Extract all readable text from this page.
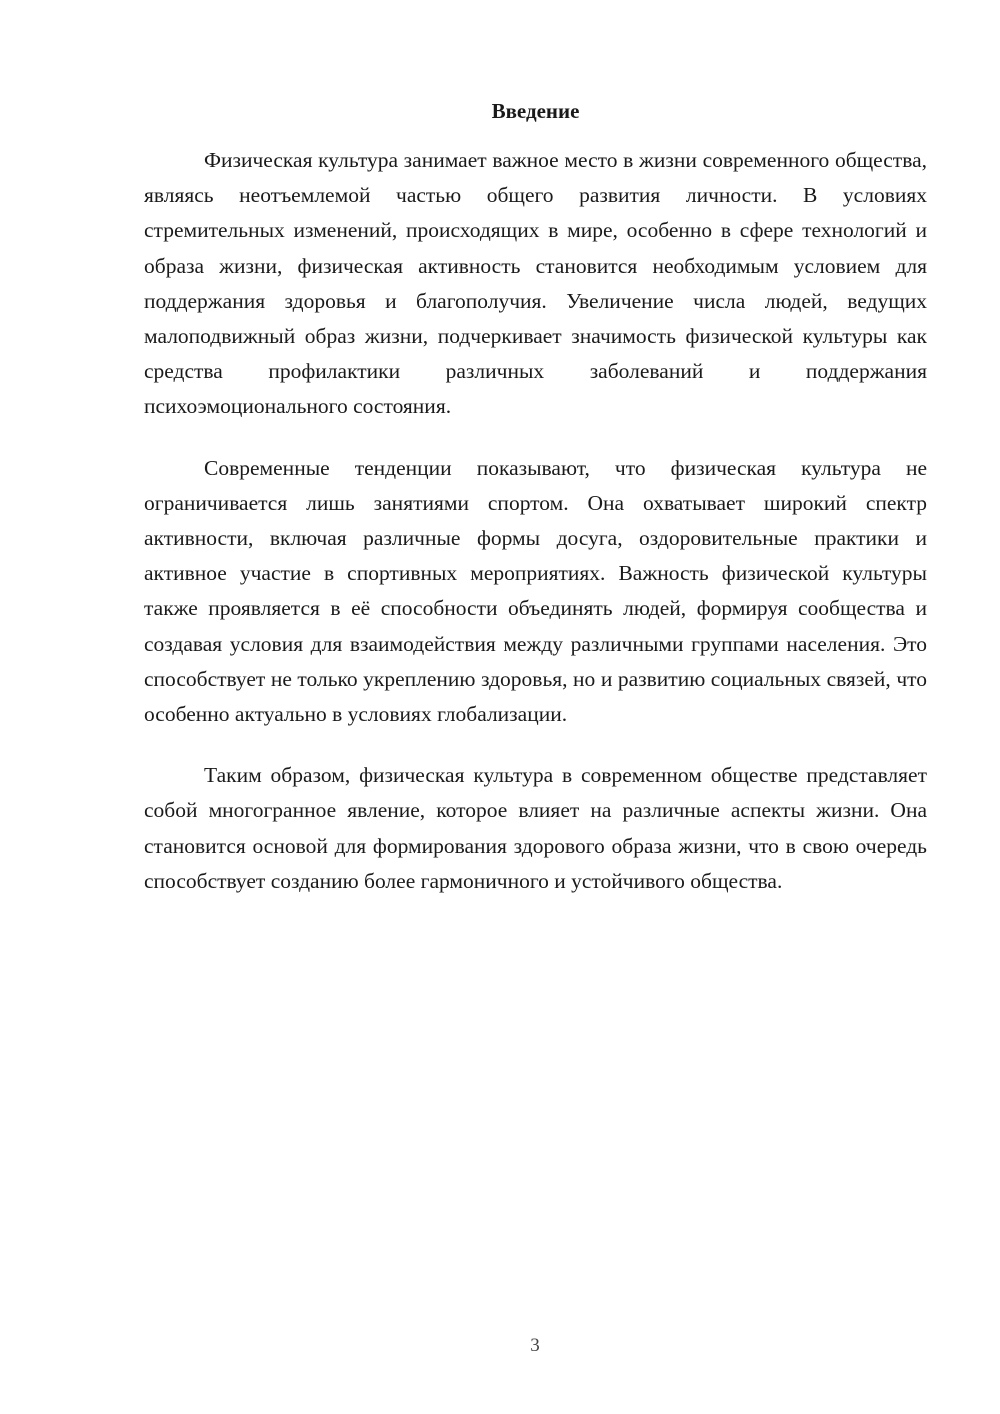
Введение

Физическая культура занимает важное место в жизни современного общества, являясь неотъемлемой частью общего развития личности. В условиях стремительных изменений, происходящих в мире, особенно в сфере технологий и образа жизни, физическая активность становится необходимым условием для поддержания здоровья и благополучия. Увеличение числа людей, ведущих малоподвижный образ жизни, подчеркивает значимость физической культуры как средства профилактики различных заболеваний и поддержания психоэмоционального состояния.

Современные тенденции показывают, что физическая культура не ограничивается лишь занятиями спортом. Она охватывает широкий спектр активности, включая различные формы досуга, оздоровительные практики и активное участие в спортивных мероприятиях. Важность физической культуры также проявляется в её способности объединять людей, формируя сообщества и создавая условия для взаимодействия между различными группами населения. Это способствует не только укреплению здоровья, но и развитию социальных связей, что особенно актуально в условиях глобализации.

Таким образом, физическая культура в современном обществе представляет собой многогранное явление, которое влияет на различные аспекты жизни. Она становится основой для формирования здорового образа жизни, что в свою очередь способствует созданию более гармоничного и устойчивого общества.

3
